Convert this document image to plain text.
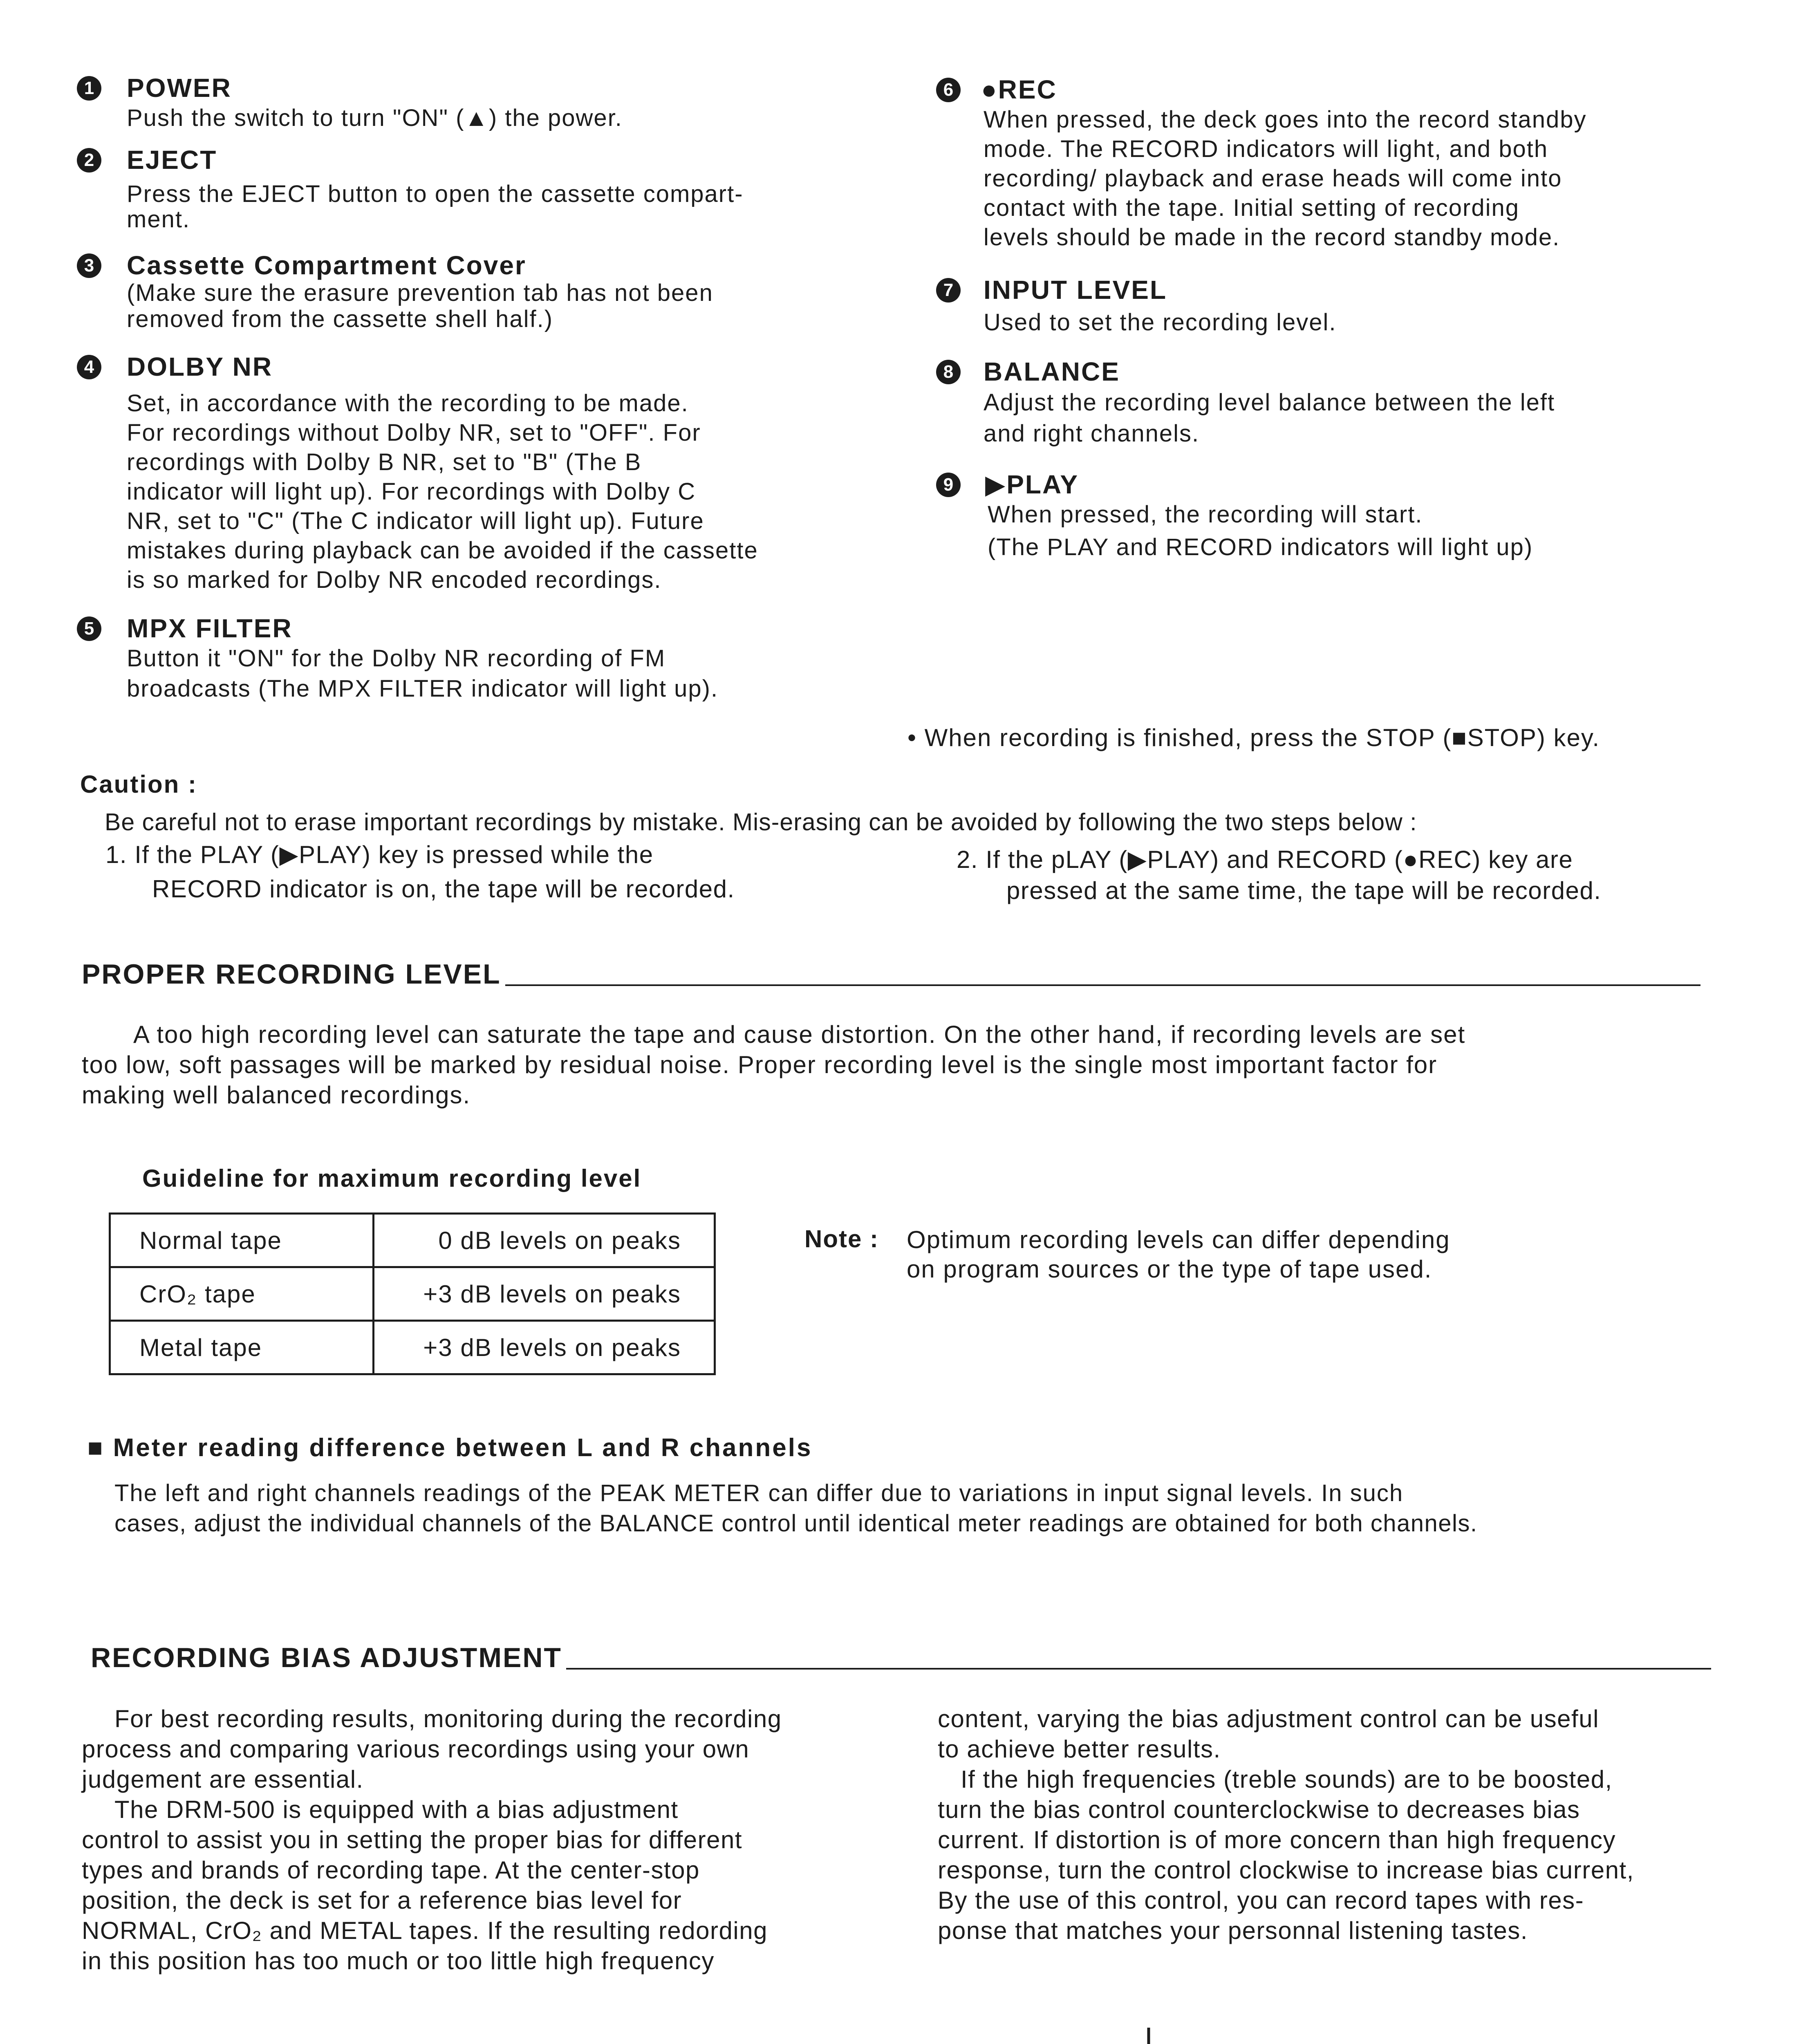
1 POWER
Push the switch to turn "ON" (▲) the power.
2 EJECT
Press the EJECT button to open the cassette compart-
ment.
3 Cassette Compartment Cover
(Make sure the erasure prevention tab has not been
removed from the cassette shell half.)
4 DOLBY NR
Set, in accordance with the recording to be made.
For recordings without Dolby NR, set to "OFF". For
recordings with Dolby B NR, set to "B" (The B
indicator will light up). For recordings with Dolby C
NR, set to "C" (The C indicator will light up). Future
mistakes during playback can be avoided if the cassette
is so marked for Dolby NR encoded recordings.
5 MPX FILTER
Button it "ON" for the Dolby NR recording of FM
broadcasts (The MPX FILTER indicator will light up).
6 ●REC
When pressed, the deck goes into the record standby
mode. The RECORD indicators will light, and both
recording/ playback and erase heads will come into
contact with the tape. Initial setting of recording
levels should be made in the record standby mode.
7 INPUT LEVEL
Used to set the recording level.
8 BALANCE
Adjust the recording level balance between the left
and right channels.
9 ▶PLAY
When pressed, the recording will start.
(The PLAY and RECORD indicators will light up)
• When recording is finished, press the STOP (■STOP) key.
Caution :
Be careful not to erase important recordings by mistake. Mis-erasing can be avoided by following the two steps below :
1. If the PLAY (▶PLAY) key is pressed while the
RECORD indicator is on, the tape will be recorded.
2. If the pLAY (▶PLAY) and RECORD (●REC) key are
pressed at the same time, the tape will be recorded.
PROPER RECORDING LEVEL
A too high recording level can saturate the tape and cause distortion. On the other hand, if recording levels are set
too low, soft passages will be marked by residual noise. Proper recording level is the single most important factor for
making well balanced recordings.
Guideline for maximum recording level
Normal tape	0 dB levels on peaks
CrO₂ tape	+3 dB levels on peaks
Metal tape	+3 dB levels on peaks
Note : Optimum recording levels can differ depending
on program sources or the type of tape used.
■ Meter reading difference between L and R channels
The left and right channels readings of the PEAK METER can differ due to variations in input signal levels. In such
cases, adjust the individual channels of the BALANCE control until identical meter readings are obtained for both channels.
RECORDING BIAS ADJUSTMENT
For best recording results, monitoring during the recording
process and comparing various recordings using your own
judgement are essential.
The DRM-500 is equipped with a bias adjustment
control to assist you in setting the proper bias for different
types and brands of recording tape. At the center-stop
position, the deck is set for a reference bias level for
NORMAL, CrO₂ and METAL tapes. If the resulting redording
in this position has too much or too little high frequency
content, varying the bias adjustment control can be useful
to achieve better results.
If the high frequencies (treble sounds) are to be boosted,
turn the bias control counterclockwise to decreases bias
current. If distortion is of more concern than high frequency
response, turn the control clockwise to increase bias current,
By the use of this control, you can record tapes with res-
ponse that matches your personnal listening tastes.
